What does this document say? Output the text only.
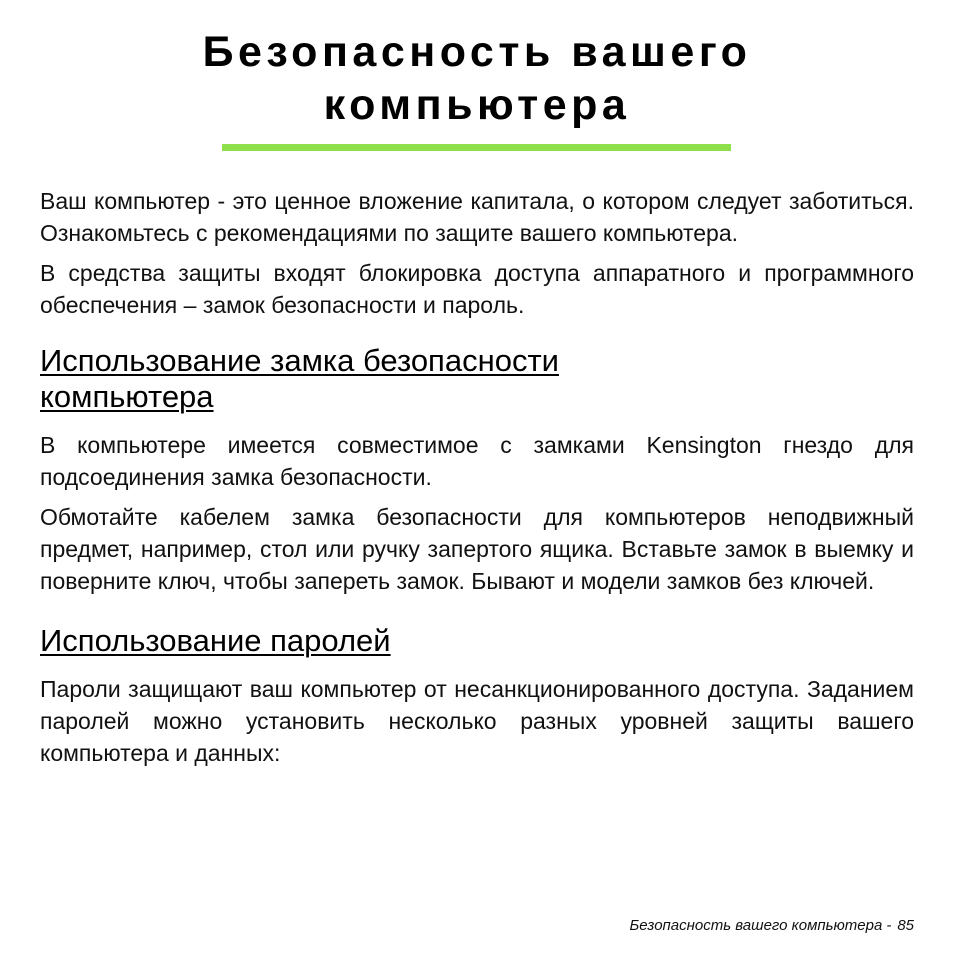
Безопасность вашего
компьютера

Ваш компьютер - это ценное вложение капитала, о котором следует заботиться. Ознакомьтесь с рекомендациями по защите вашего компьютера.

В средства защиты входят блокировка доступа аппаратного и программного обеспечения – замок безопасности и пароль.

Использование замка безопасности
компьютера

В компьютере имеется совместимое с замками Kensington гнездо для подсоединения замка безопасности.

Обмотайте кабелем замка безопасности для компьютеров неподвижный предмет, например, стол или ручку запертого ящика. Вставьте замок в выемку и поверните ключ, чтобы запереть замок. Бывают и модели замков без ключей.

Использование паролей

Пароли защищают ваш компьютер от несанкционированного доступа. Заданием паролей можно установить несколько разных уровней защиты вашего компьютера и данных:

Безопасность вашего компьютера - 85
